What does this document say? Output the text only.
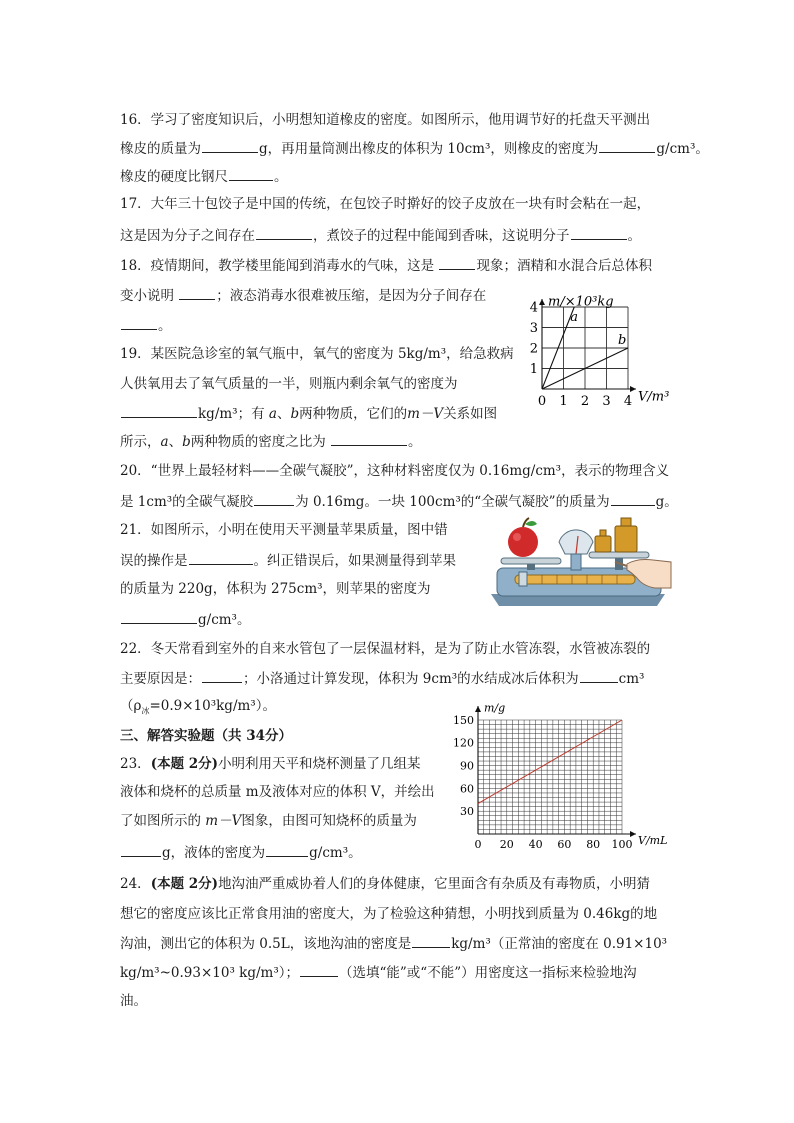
16．学习了密度知识后，小明想知道橡皮的密度。如图所示，他用调节好的托盘天平测出
橡皮的质量为	g，再用量筒测出橡皮的体积为 10cm³，则橡皮的密度为	g/cm³。
橡皮的硬度比钢尺	。
17．大年三十包饺子是中国的传统，在包饺子时擀好的饺子皮放在一块有时会粘在一起，
这是因为分子之间存在	，煮饺子的过程中能闻到香味，这说明分子	。
18．疫情期间，教学楼里能闻到消毒水的气味，这是	现象；酒精和水混合后总体积
变小说明	；液态消毒水很难被压缩，是因为分子间存在
。
19．某医院急诊室的氧气瓶中，氧气的密度为 5kg/m³，给急救病
人供氧用去了氧气质量的一半，则瓶内剩余氧气的密度为
kg/m³；有 a、b两种物质，它们的m－V关系如图
所示，a、b两种物质的密度之比为	。
0 1 2 3 4
1
2
3
4
V/m³
m/×10³kg
a
b
20．“世界上最轻材料——全碳气凝胶”，这种材料密度仅为 0.16mg/cm³，表示的物理含义
是 1cm³的全碳气凝胶	为 0.16mg。一块 100cm³的“全碳气凝胶”的质量为	g。
21．如图所示，小明在使用天平测量苹果质量，图中错
误的操作是	。纠正错误后，如果测量得到苹果
的质量为 220g，体积为 275cm³，则苹果的密度为
g/cm³。
22．冬天常看到室外的自来水管包了一层保温材料，是为了防止水管冻裂，水管被冻裂的
主要原因是：	；小洛通过计算发现，体积为 9cm³的水结成冰后体积为	cm³
$(\rho_冰=0.9\times 10^3kg/m^3)$。
三、解答实验题（共 34分）
23．(本题 2分)小明利用天平和烧杯测量了几组某
液体和烧杯的总质量 m及液体对应的体积 V，并绘出
了如图所示的 m－V图象，由图可知烧杯的质量为
g，液体的密度为	g/cm³。
0 20 40 60 80 100
30
60
90
120
150
V/mL
m/g
24．(本题 2分)地沟油严重威协着人们的身体健康，它里面含有杂质及有毒物质，小明猜
想它的密度应该比正常食用油的密度大，为了检验这种猜想，小明找到质量为 0.46kg的地
沟油，测出它的体积为 0.5L，该地沟油的密度是	kg/m³（正常油的密度在 0.91×10³
kg/m³~0.93×10³ kg/m³）；	（选填“能”或“不能”）用密度这一指标来检验地沟
油。
